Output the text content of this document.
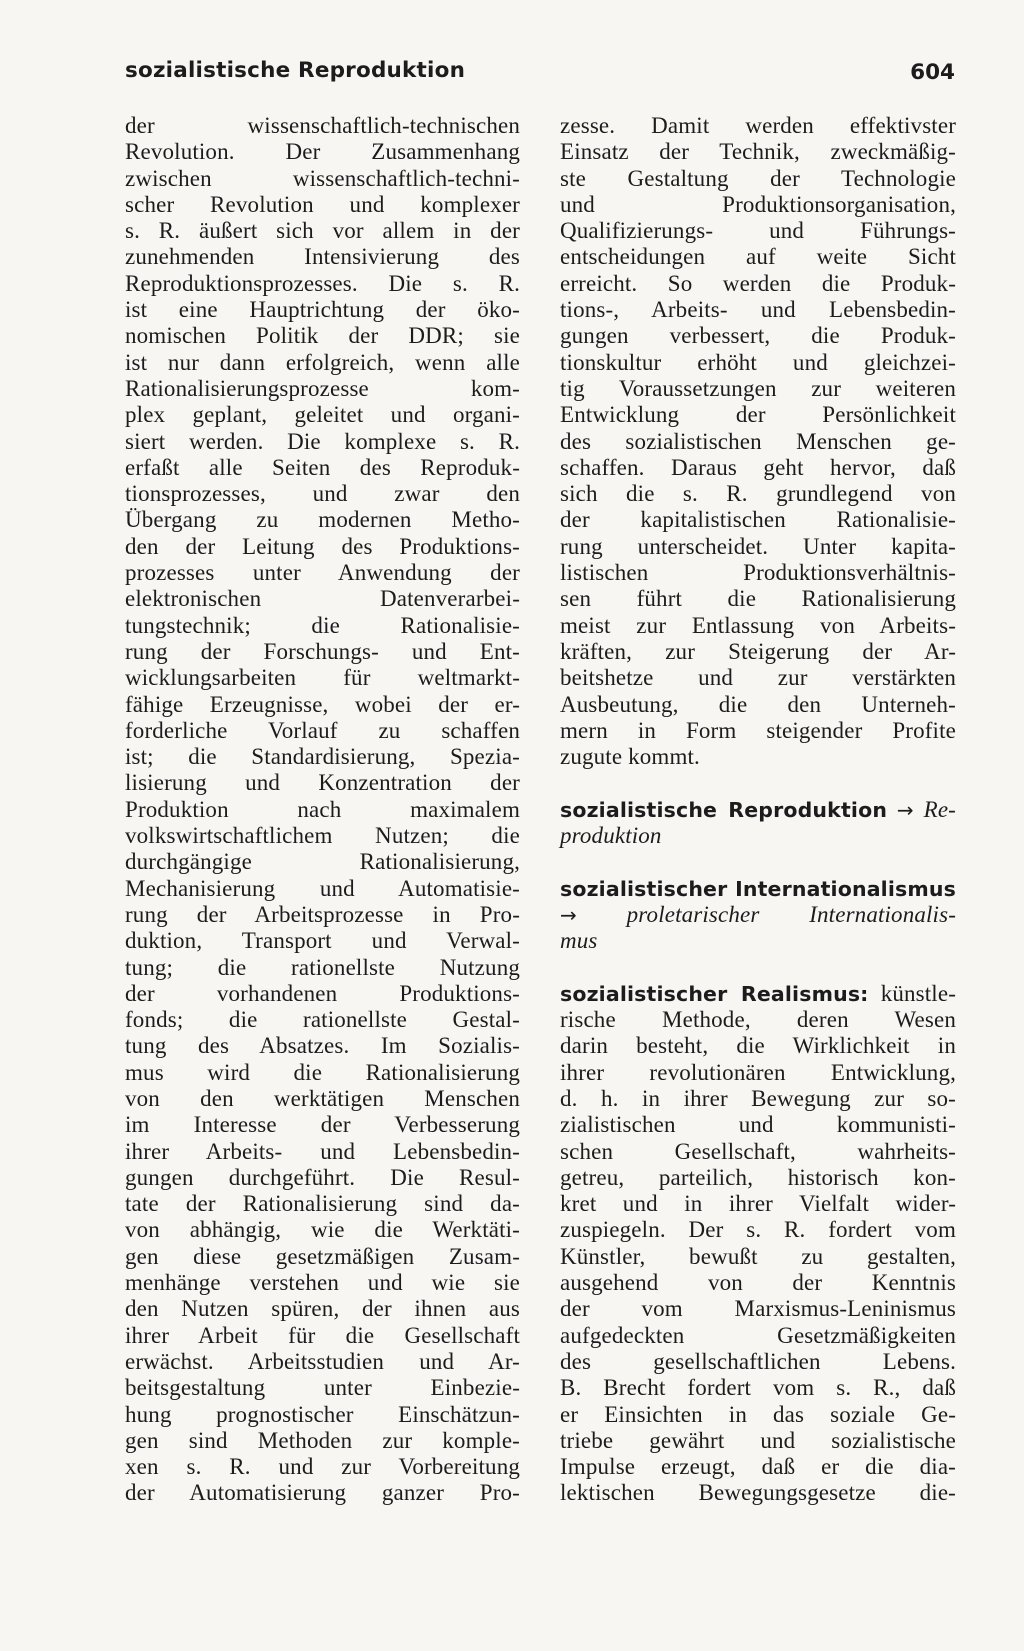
sozialistische Reproduktion	604
der wissenschaftlich-technischen
Revolution. Der Zusammenhang
zwischen wissenschaftlich-techni-
scher Revolution und komplexer
s. R. äußert sich vor allem in der
zunehmenden Intensivierung des
Reproduktionsprozesses. Die s. R.
ist eine Hauptrichtung der öko-
nomischen Politik der DDR; sie
ist nur dann erfolgreich, wenn alle
Rationalisierungsprozesse kom-
plex geplant, geleitet und organi-
siert werden. Die komplexe s. R.
erfaßt alle Seiten des Reproduk-
tionsprozesses, und zwar den
Übergang zu modernen Metho-
den der Leitung des Produktions-
prozesses unter Anwendung der
elektronischen Datenverarbei-
tungstechnik; die Rationalisie-
rung der Forschungs- und Ent-
wicklungsarbeiten für weltmarkt-
fähige Erzeugnisse, wobei der er-
forderliche Vorlauf zu schaffen
ist; die Standardisierung, Spezia-
lisierung und Konzentration der
Produktion nach maximalem
volkswirtschaftlichem Nutzen; die
durchgängige Rationalisierung,
Mechanisierung und Automatisie-
rung der Arbeitsprozesse in Pro-
duktion, Transport und Verwal-
tung; die rationellste Nutzung
der vorhandenen Produktions-
fonds; die rationellste Gestal-
tung des Absatzes. Im Sozialis-
mus wird die Rationalisierung
von den werktätigen Menschen
im Interesse der Verbesserung
ihrer Arbeits- und Lebensbedin-
gungen durchgeführt. Die Resul-
tate der Rationalisierung sind da-
von abhängig, wie die Werktäti-
gen diese gesetzmäßigen Zusam-
menhänge verstehen und wie sie
den Nutzen spüren, der ihnen aus
ihrer Arbeit für die Gesellschaft
erwächst. Arbeitsstudien und Ar-
beitsgestaltung unter Einbezie-
hung prognostischer Einschätzun-
gen sind Methoden zur komple-
xen s. R. und zur Vorbereitung
der Automatisierung ganzer Pro-
zesse. Damit werden effektivster
Einsatz der Technik, zweckmäßig-
ste Gestaltung der Technologie
und Produktionsorganisation,
Qualifizierungs- und Führungs-
entscheidungen auf weite Sicht
erreicht. So werden die Produk-
tions-, Arbeits- und Lebensbedin-
gungen verbessert, die Produk-
tionskultur erhöht und gleichzei-
tig Voraussetzungen zur weiteren
Entwicklung der Persönlichkeit
des sozialistischen Menschen ge-
schaffen. Daraus geht hervor, daß
sich die s. R. grundlegend von
der kapitalistischen Rationalisie-
rung unterscheidet. Unter kapita-
listischen Produktionsverhältnis-
sen führt die Rationalisierung
meist zur Entlassung von Arbeits-
kräften, zur Steigerung der Ar-
beitshetze und zur verstärkten
Ausbeutung, die den Unterneh-
mern in Form steigender Profite
zugute kommt.
sozialistische Reproduktion → Re-
produktion
sozialistischer Internationalismus
→ proletarischer Internationalis-
mus
sozialistischer Realismus: künstle-
rische Methode, deren Wesen
darin besteht, die Wirklichkeit in
ihrer revolutionären Entwicklung,
d. h. in ihrer Bewegung zur so-
zialistischen und kommunisti-
schen Gesellschaft, wahrheits-
getreu, parteilich, historisch kon-
kret und in ihrer Vielfalt wider-
zuspiegeln. Der s. R. fordert vom
Künstler, bewußt zu gestalten,
ausgehend von der Kenntnis
der vom Marxismus-Leninismus
aufgedeckten Gesetzmäßigkeiten
des gesellschaftlichen Lebens.
B. Brecht fordert vom s. R., daß
er Einsichten in das soziale Ge-
triebe gewährt und sozialistische
Impulse erzeugt, daß er die dia-
lektischen Bewegungsgesetze die-
